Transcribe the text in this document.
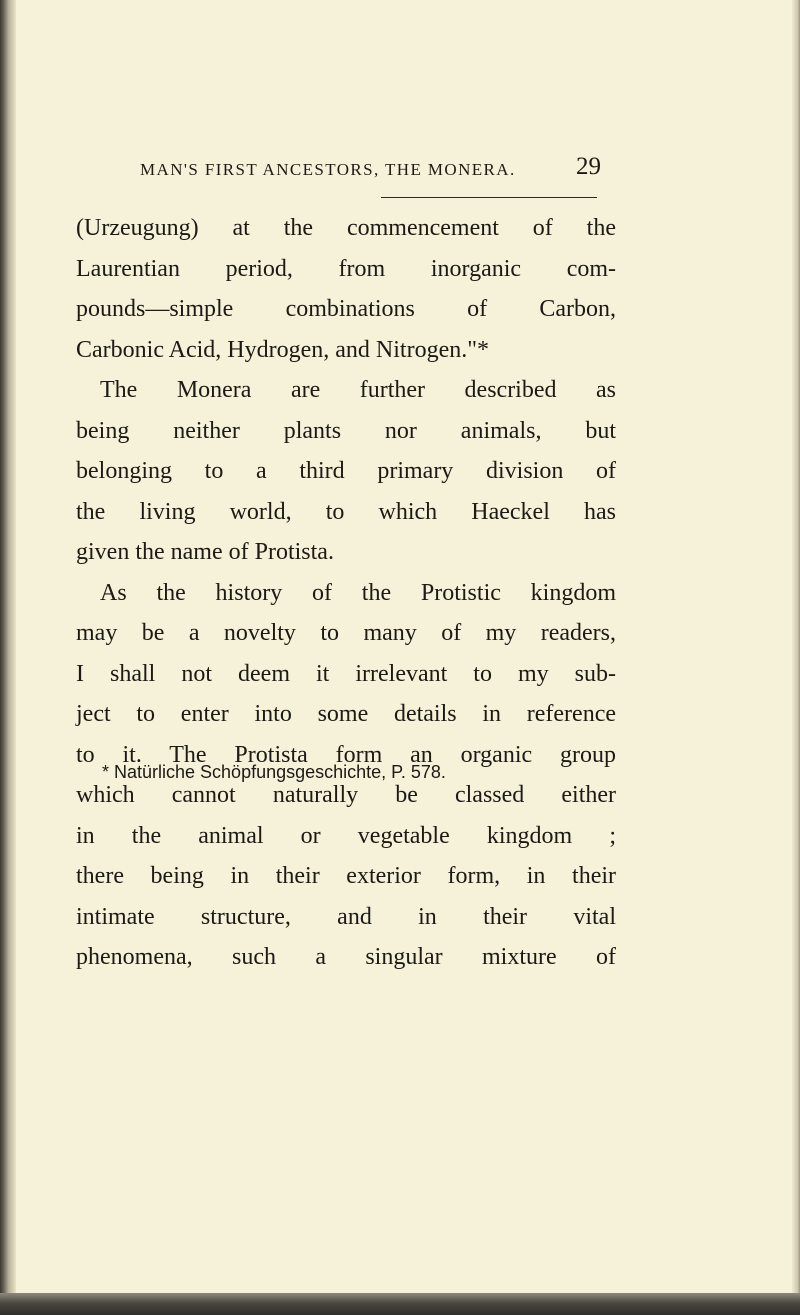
MAN'S FIRST ANCESTORS, THE MONERA. 29
(Urzeugung) at the commencement of the
Laurentian period, from inorganic com-
pounds—simple combinations of Carbon,
Carbonic Acid, Hydrogen, and Nitrogen."*
The Monera are further described as
being neither plants nor animals, but
belonging to a third primary division of
the living world, to which Haeckel has
given the name of Protista.
As the history of the Protistic kingdom
may be a novelty to many of my readers,
I shall not deem it irrelevant to my sub-
ject to enter into some details in reference
to it. The Protista form an organic group
which cannot naturally be classed either
in the animal or vegetable kingdom ;
there being in their exterior form, in their
intimate structure, and in their vital
phenomena, such a singular mixture of
* Natürliche Schöpfungsgeschichte, P. 578.
